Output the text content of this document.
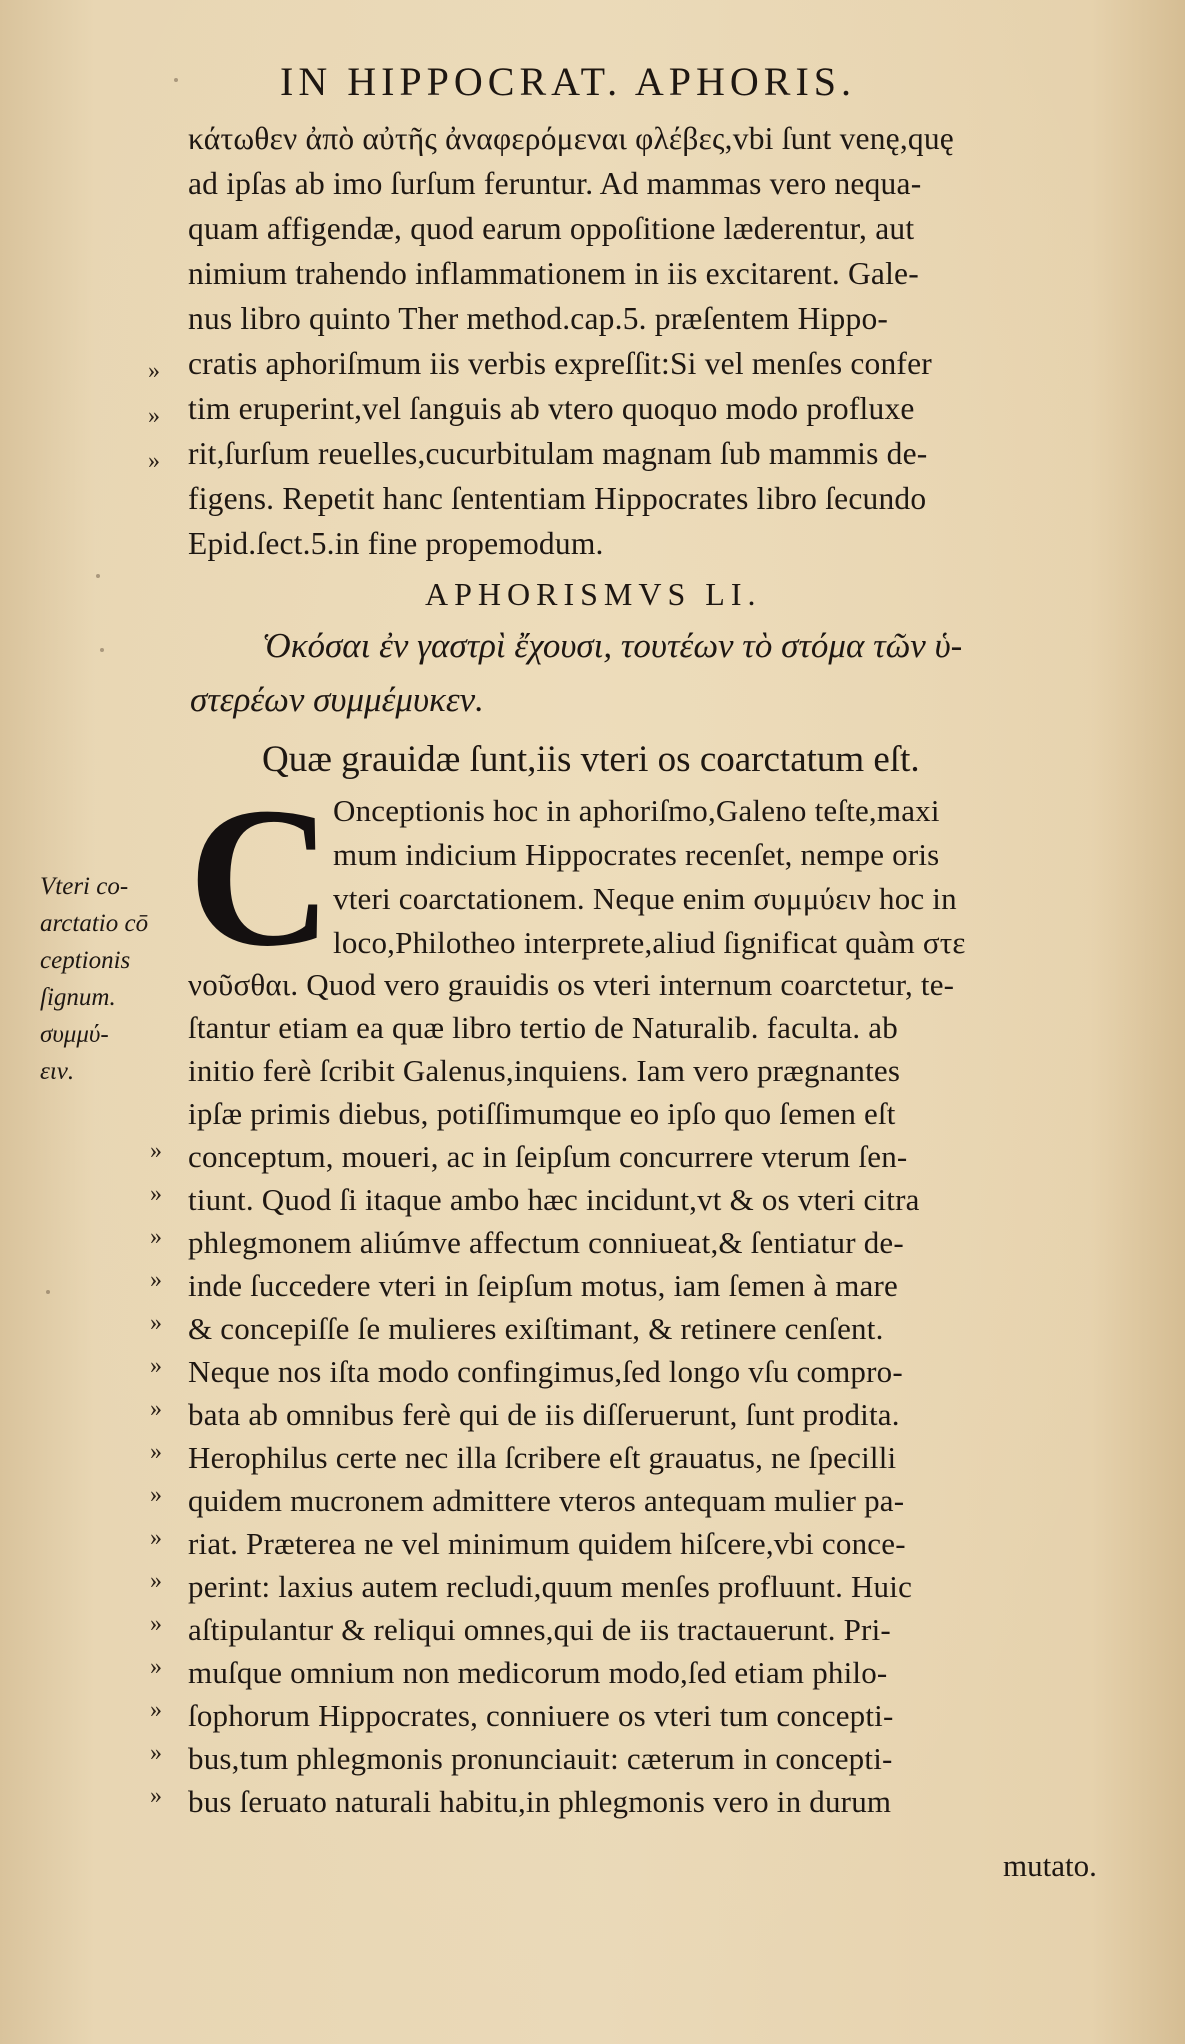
IN HIPPOCRAT. APHORIS.
κάτωθεν ἀπὸ αὐτῆς ἀναφερόμεναι φλέβες,vbi ſunt venę,quę
ad ipſas ab imo ſurſum feruntur. Ad mammas vero nequa-
quam affigendæ, quod earum oppoſitione læderentur, aut
nimium trahendo inflammationem in iis excitarent. Gale-
nus libro quinto Ther method.cap.5. præſentem Hippo-
cratis aphoriſmum iis verbis expreſſit:Si vel menſes confer
tim eruperint,vel ſanguis ab vtero quoquo modo profluxe
rit,ſurſum reuelles,cucurbitulam magnam ſub mammis de-
figens. Repetit hanc ſententiam Hippocrates libro ſecundo
Epid.ſect.5.in fine propemodum.
»
»
»
APHORISMVS LI.
Ὁκόσαι ἐν γαστρὶ ἔχουσι, τουτέων τὸ στόμα τῶν ὑ-
στερέων συμμέμυκεν.
Quæ grauidæ ſunt,iis vteri os coarctatum eſt.
C Onceptionis hoc in aphoriſmo,Galeno teſte,maxi
mum indicium Hippocrates recenſet, nempe oris
vteri coarctationem. Neque enim συμμύειν hoc in
loco,Philotheo interprete,aliud ſignificat quàm στε
νοῦσθαι. Quod vero grauidis os vteri internum coarctetur, te-
ſtantur etiam ea quæ libro tertio de Naturalib. faculta. ab
initio ferè ſcribit Galenus,inquiens. Iam vero prægnantes
ipſæ primis diebus, potiſſimumque eo ipſo quo ſemen eſt
conceptum, moueri, ac in ſeipſum concurrere vterum ſen-
tiunt. Quod ſi itaque ambo hæc incidunt,vt & os vteri citra
phlegmonem aliúmve affectum conniueat,& ſentiatur de-
inde ſuccedere vteri in ſeipſum motus, iam ſemen à mare
& concepiſſe ſe mulieres exiſtimant, & retinere cenſent.
Neque nos iſta modo confingimus,ſed longo vſu compro-
bata ab omnibus ferè qui de iis diſſeruerunt, ſunt prodita.
Herophilus certe nec illa ſcribere eſt grauatus, ne ſpecilli
quidem mucronem admittere vteros antequam mulier pa-
riat. Præterea ne vel minimum quidem hiſcere,vbi conce-
perint: laxius autem recludi,quum menſes profluunt. Huic
aſtipulantur & reliqui omnes,qui de iis tractauerunt. Pri-
muſque omnium non medicorum modo,ſed etiam philo-
ſophorum Hippocrates, conniuere os vteri tum concepti-
bus,tum phlegmonis pronunciauit: cæterum in concepti-
bus ſeruato naturali habitu,in phlegmonis vero in durum
»
»
»
»
»
»
»
»
»
»
»
»
»
»
»
»
Vteri co-
arctatio cō
ceptionis
ſignum.
συμμύ-
ειν.
mutato.
